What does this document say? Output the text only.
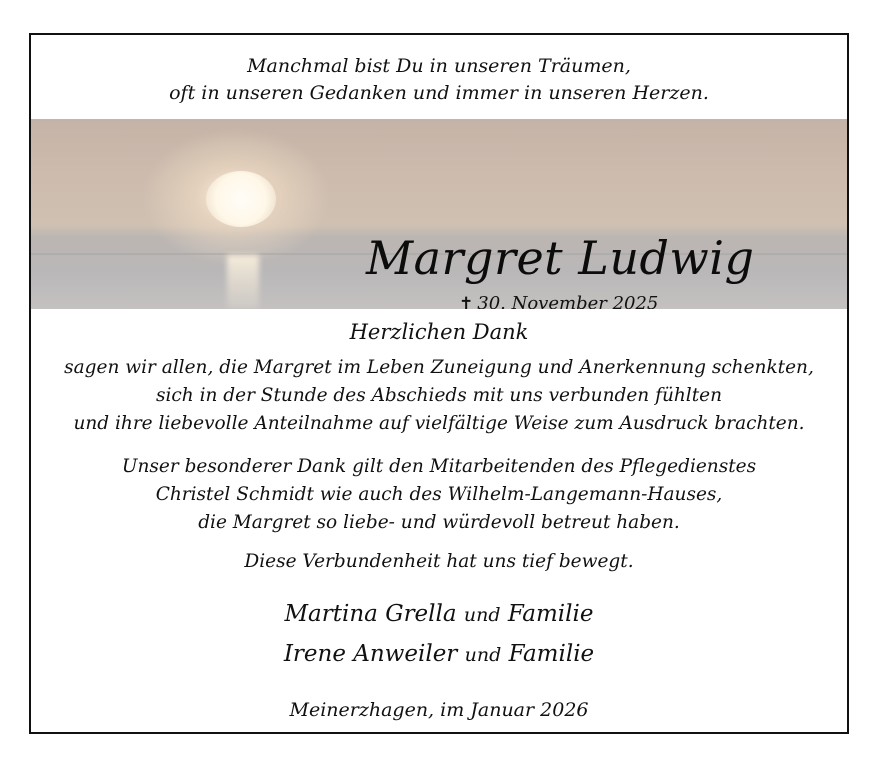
Manchmal bist Du in unseren Träumen,
oft in unseren Gedanken und immer in unseren Herzen.
Margret Ludwig
✝ 30. November 2025
Herzlichen Dank
sagen wir allen, die Margret im Leben Zuneigung und Anerkennung schenkten,
sich in der Stunde des Abschieds mit uns verbunden fühlten
und ihre liebevolle Anteilnahme auf vielfältige Weise zum Ausdruck brachten.
Unser besonderer Dank gilt den Mitarbeitenden des Pflegedienstes
Christel Schmidt wie auch des Wilhelm-Langemann-Hauses,
die Margret so liebe- und würdevoll betreut haben.
Diese Verbundenheit hat uns tief bewegt.
Martina Grella und Familie
Irene Anweiler und Familie
Meinerzhagen, im Januar 2026
